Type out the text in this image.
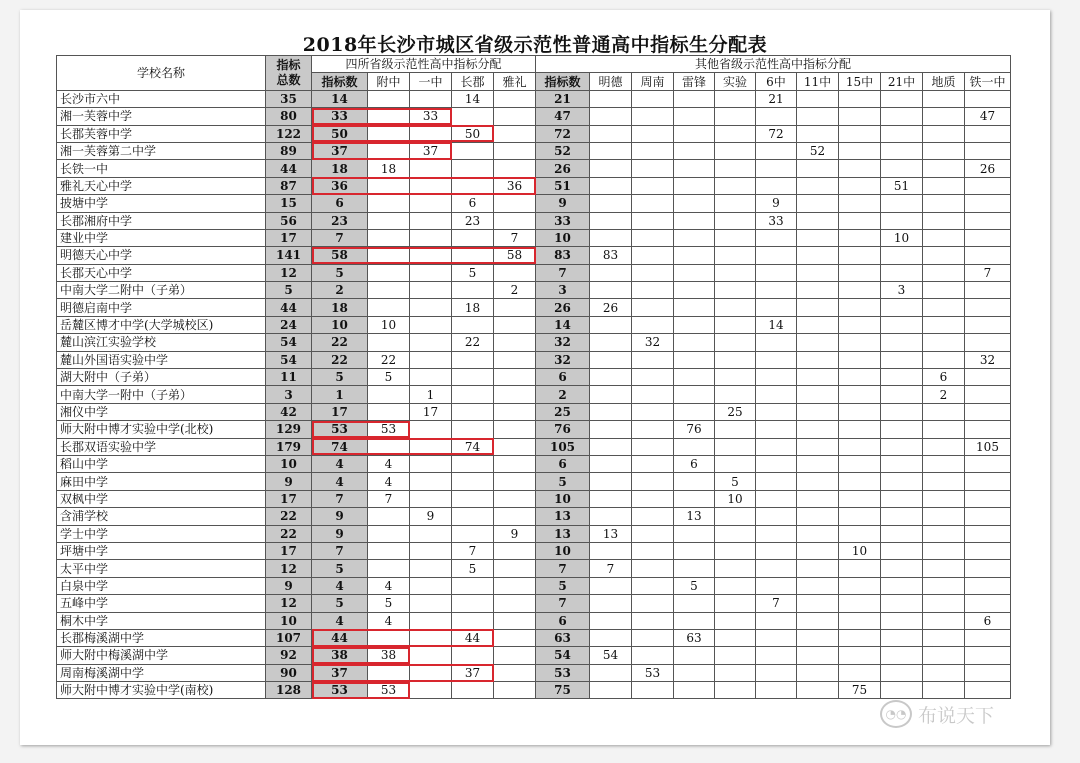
2018年长沙市城区省级示范性普通高中指标生分配表
学校名称	指标
总数	四所省级示范性高中指标分配					其他省级示范性高中指标分配										
		指标数	附中	一中	长郡	雅礼	指标数	明德	周南	雷锋	实验	6中	11中	15中	21中	地质	铁一中
长沙市六中	35	14			14		21					21					
湘一芙蓉中学	80	33		33			47										47
长郡芙蓉中学	122	50			50		72					72					
湘一芙蓉第二中学	89	37		37			52						52				
长铁一中	44	18	18				26										26
雅礼天心中学	87	36				36	51								51		
披塘中学	15	6			6		9					9					
长郡湘府中学	56	23			23		33					33					
建业中学	17	7				7	10								10		
明德天心中学	141	58				58	83	83									
长郡天心中学	12	5			5		7										7
中南大学二附中（子弟）	5	2				2	3								3		
明德启南中学	44	18			18		26	26									
岳麓区博才中学(大学城校区)	24	10	10				14					14					
麓山滨江实验学校	54	22			22		32		32								
麓山外国语实验中学	54	22	22				32										32
湖大附中（子弟）	11	5	5				6									6	
中南大学一附中（子弟）	3	1		1			2									2	
湘仪中学	42	17		17			25				25						
师大附中博才实验中学(北校)	129	53	53				76			76							
长郡双语实验中学	179	74			74		105										105
稻山中学	10	4	4				6			6							
麻田中学	9	4	4				5				5						
双枫中学	17	7	7				10				10						
含浦学校	22	9		9			13			13							
学士中学	22	9				9	13	13									
坪塘中学	17	7			7		10							10			
太平中学	12	5			5		7	7									
白泉中学	9	4	4				5			5							
五峰中学	12	5	5				7					7					
桐木中学	10	4	4				6										6
长郡梅溪湖中学	107	44			44		63			63							
师大附中梅溪湖中学	92	38	38				54	54									
周南梅溪湖中学	90	37			37		53		53								
师大附中博才实验中学(南校)	128	53	53				75							75			
◔◔ 布说天下
